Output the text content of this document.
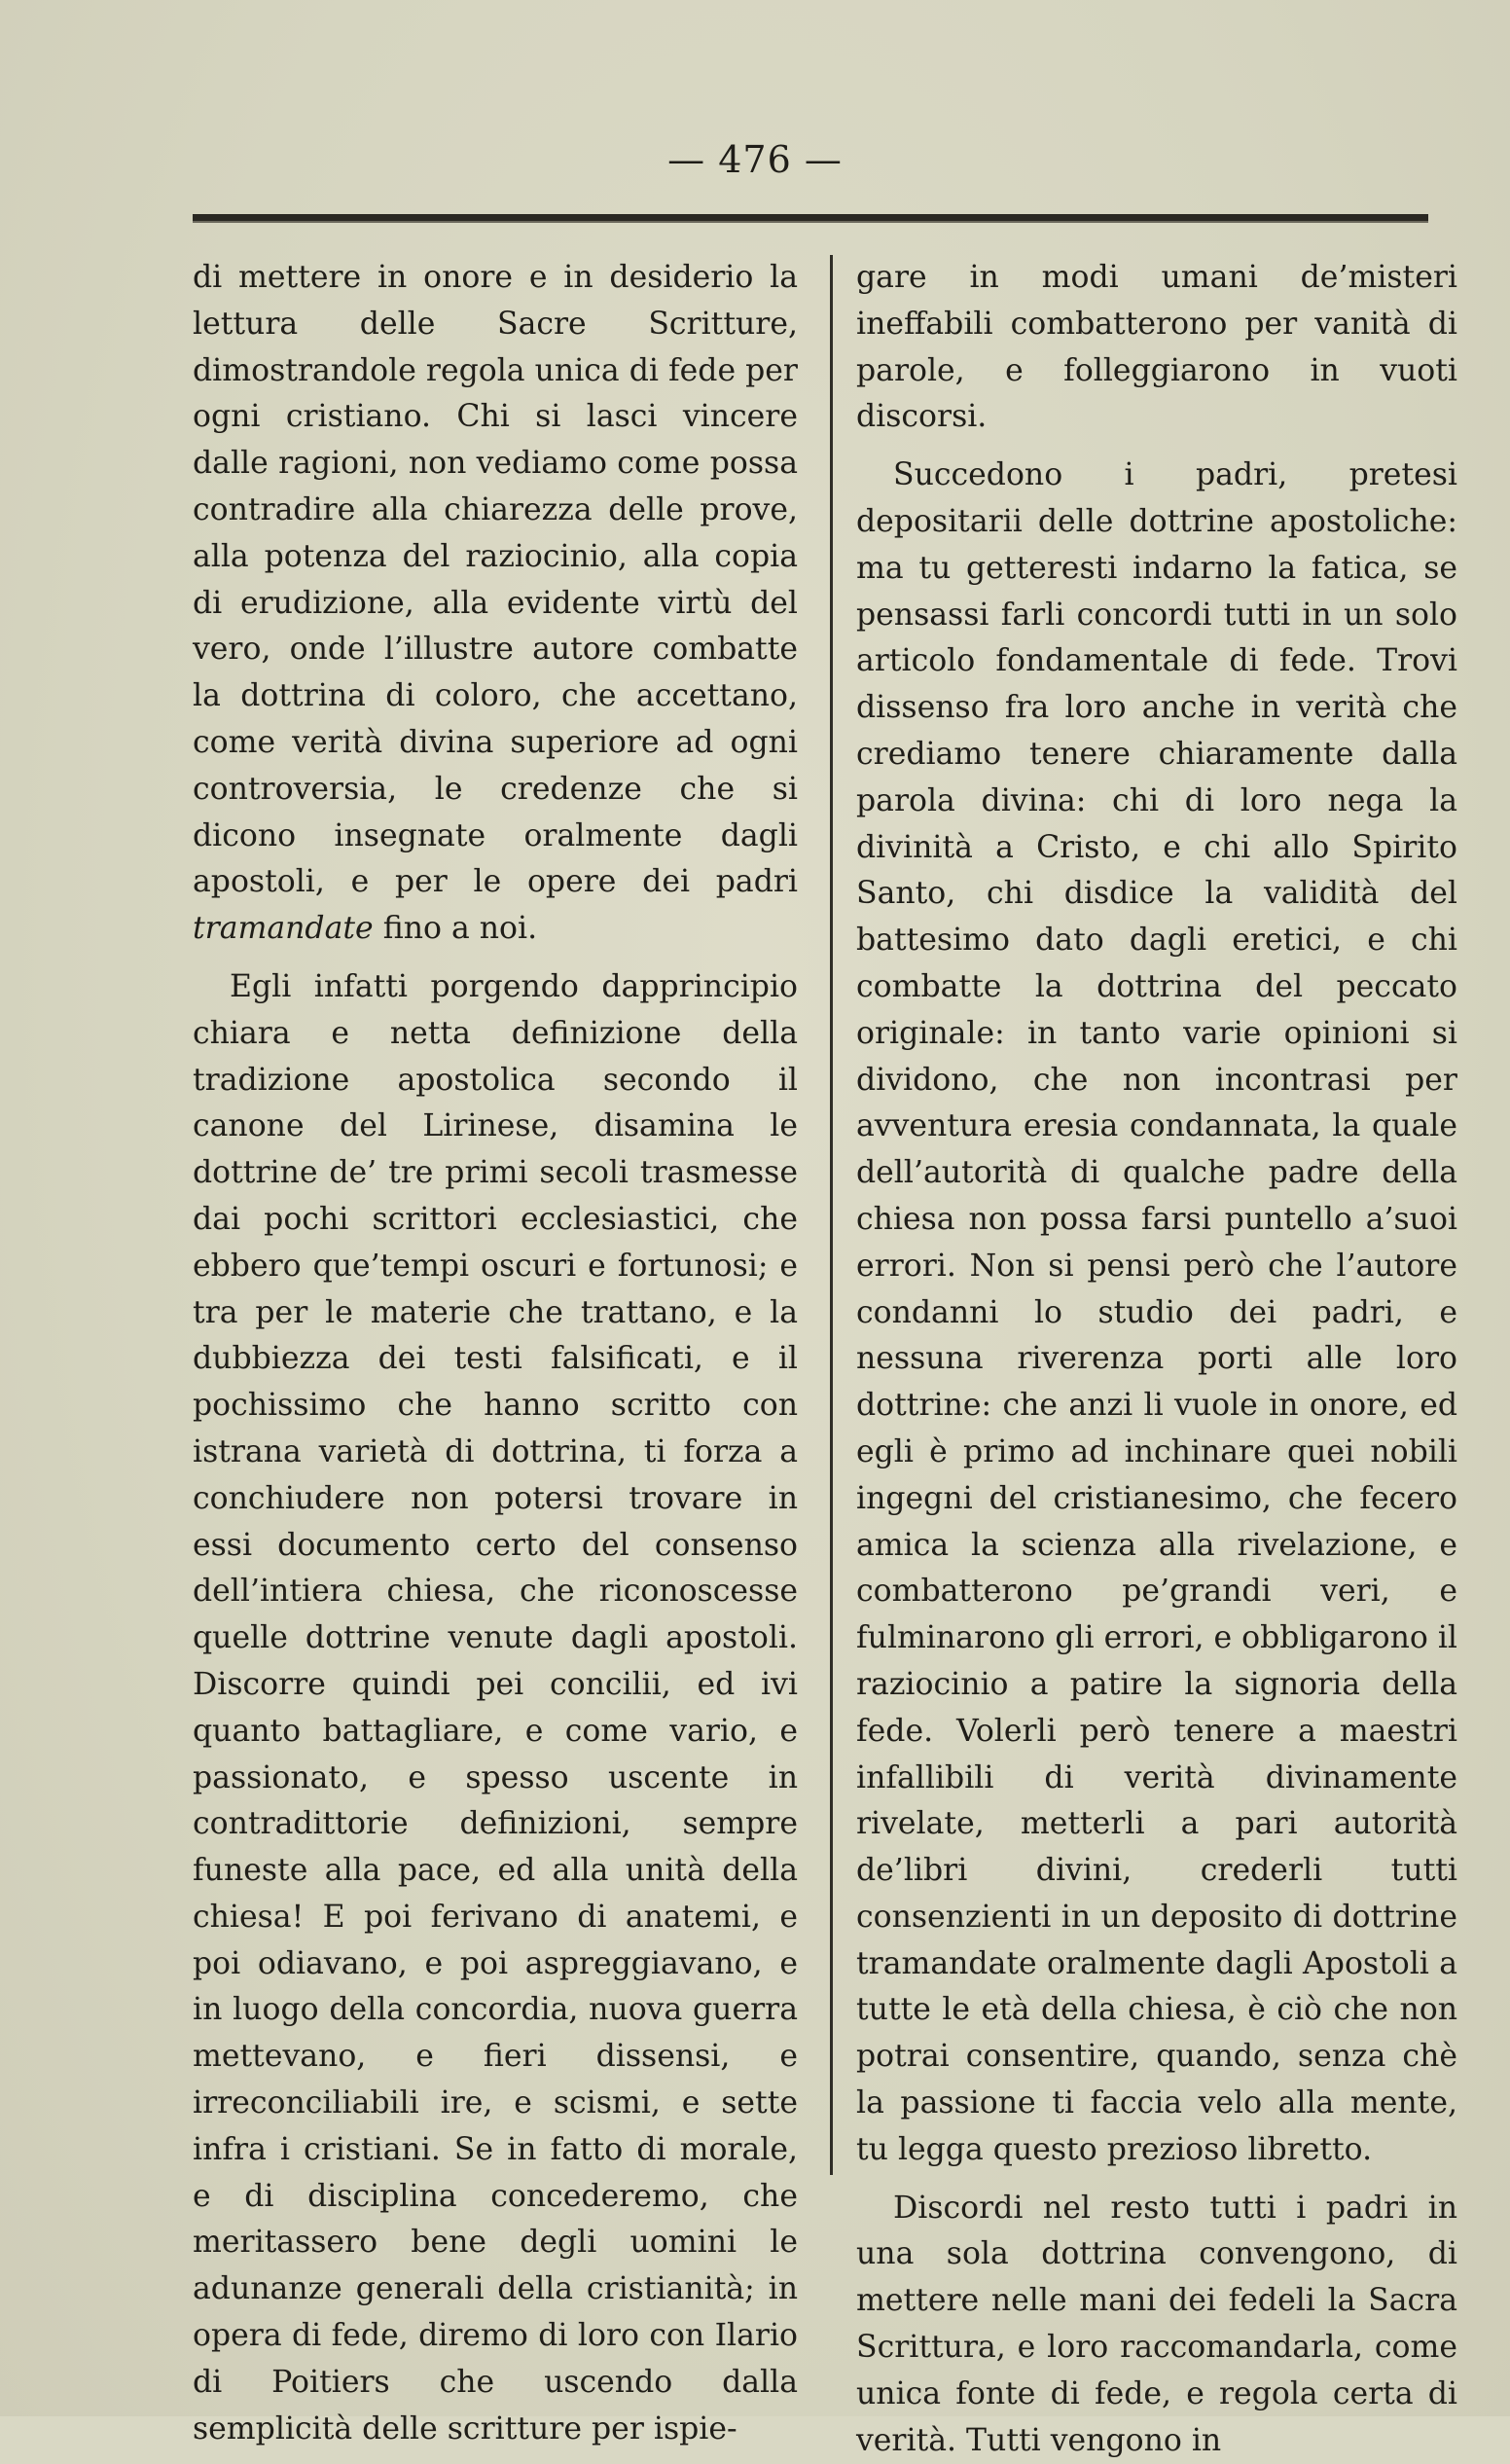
— 476 —

di mettere in onore e in desiderio la lettura delle Sacre Scritture, dimostrandole regola unica di fede per ogni cristiano. Chi si lasci vincere dalle ragioni, non vediamo come possa contradire alla chiarezza delle prove, alla potenza del raziocinio, alla copia di erudizione, alla evidente virtù del vero, onde l’illustre autore combatte la dottrina di coloro, che accettano, come verità divina superiore ad ogni controversia, le credenze che si dicono insegnate oralmente dagli apostoli, e per le opere dei padri tramandate fino a noi.

Egli infatti porgendo dapprincipio chiara e netta definizione della tradizione apostolica secondo il canone del Lirinese, disamina le dottrine de’ tre primi secoli trasmesse dai pochi scrittori ecclesiastici, che ebbero que’tempi oscuri e fortunosi; e tra per le materie che trattano, e la dubbiezza dei testi falsificati, e il pochissimo che hanno scritto con istrana varietà di dottrina, ti forza a conchiudere non potersi trovare in essi documento certo del consenso dell’intiera chiesa, che riconoscesse quelle dottrine venute dagli apostoli. Discorre quindi pei concilii, ed ivi quanto battagliare, e come vario, e passionato, e spesso uscente in contradittorie definizioni, sempre funeste alla pace, ed alla unità della chiesa! E poi ferivano di anatemi, e poi odiavano, e poi aspreggiavano, e in luogo della concordia, nuova guerra mettevano, e fieri dissensi, e irreconciliabili ire, e scismi, e sette infra i cristiani. Se in fatto di morale, e di disciplina concederemo, che meritassero bene degli uomini le adunanze generali della cristianità; in opera di fede, diremo di loro con Ilario di Poitiers che uscendo dalla semplicità delle scritture per ispie-

gare in modi umani de’misteri ineffabili combatterono per vanità di parole, e folleggiarono in vuoti discorsi.

Succedono i padri, pretesi depositarii delle dottrine apostoliche: ma tu getteresti indarno la fatica, se pensassi farli concordi tutti in un solo articolo fondamentale di fede. Trovi dissenso fra loro anche in verità che crediamo tenere chiaramente dalla parola divina: chi di loro nega la divinità a Cristo, e chi allo Spirito Santo, chi disdice la validità del battesimo dato dagli eretici, e chi combatte la dottrina del peccato originale: in tanto varie opinioni si dividono, che non incontrasi per avventura eresia condannata, la quale dell’autorità di qualche padre della chiesa non possa farsi puntello a’suoi errori. Non si pensi però che l’autore condanni lo studio dei padri, e nessuna riverenza porti alle loro dottrine: che anzi li vuole in onore, ed egli è primo ad inchinare quei nobili ingegni del cristianesimo, che fecero amica la scienza alla rivelazione, e combatterono pe’grandi veri, e fulminarono gli errori, e obbligarono il raziocinio a patire la signoria della fede. Volerli però tenere a maestri infallibili di verità divinamente rivelate, metterli a pari autorità de’libri divini, crederli tutti consenzienti in un deposito di dottrine tramandate oralmente dagli Apostoli a tutte le età della chiesa, è ciò che non potrai consentire, quando, senza chè la passione ti faccia velo alla mente, tu legga questo prezioso libretto.

Discordi nel resto tutti i padri in una sola dottrina convengono, di mettere nelle mani dei fedeli la Sacra Scrittura, e loro raccomandarla, come unica fonte di fede, e regola certa di verità. Tutti vengono in
